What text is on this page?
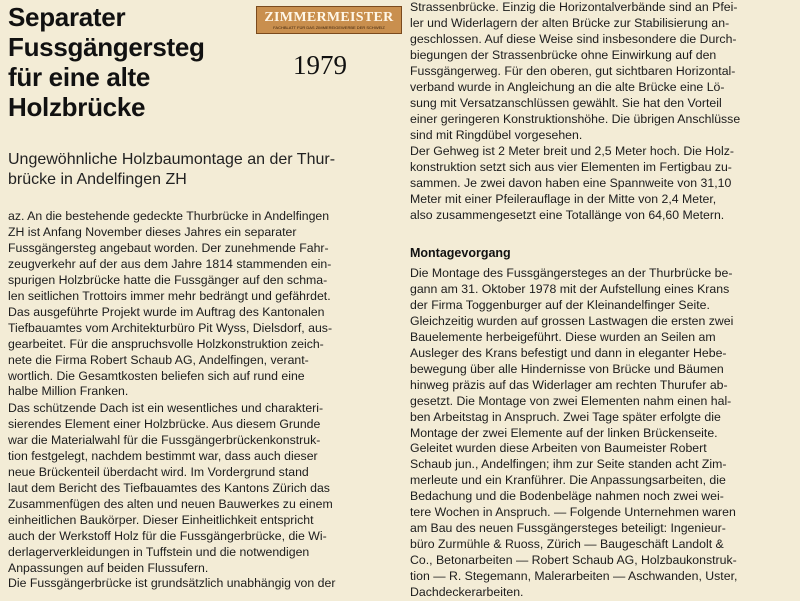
Separater
Fussgängersteg
für eine alte
Holzbrücke
ZIMMERMEISTER
FACHBLATT FÜR DAS ZIMMEREIGEWERBE DER SCHWEIZ
1979
Ungewöhnliche Holzbaumontage an der Thur-
brücke in Andelfingen ZH
az. An die bestehende gedeckte Thurbrücke in Andelfingen
ZH ist Anfang November dieses Jahres ein separater
Fussgängersteg angebaut worden. Der zunehmende Fahr-
zeugverkehr auf der aus dem Jahre 1814 stammenden ein-
spurigen Holzbrücke hatte die Fussgänger auf den schma-
len seitlichen Trottoirs immer mehr bedrängt und gefährdet.
Das ausgeführte Projekt wurde im Auftrag des Kantonalen
Tiefbauamtes vom Architekturbüro Pit Wyss, Dielsdorf, aus-
gearbeitet. Für die anspruchsvolle Holzkonstruktion zeich-
nete die Firma Robert Schaub AG, Andelfingen, verant-
wortlich. Die Gesamtkosten beliefen sich auf rund eine
halbe Million Franken.
Das schützende Dach ist ein wesentliches und charakteri-
sierendes Element einer Holzbrücke. Aus diesem Grunde
war die Materialwahl für die Fussgängerbrückenkonstruk-
tion festgelegt, nachdem bestimmt war, dass auch dieser
neue Brückenteil überdacht wird. Im Vordergrund stand
laut dem Bericht des Tiefbauamtes des Kantons Zürich das
Zusammenfügen des alten und neuen Bauwerkes zu einem
einheitlichen Baukörper. Dieser Einheitlichkeit entspricht
auch der Werkstoff Holz für die Fussgängerbrücke, die Wi-
derlagerverkleidungen in Tuffstein und die notwendigen
Anpassungen auf beiden Flussufern.
Die Fussgängerbrücke ist grundsätzlich unabhängig von der
Strassenbrücke. Einzig die Horizontalverbände sind an Pfei-
ler und Widerlagern der alten Brücke zur Stabilisierung an-
geschlossen. Auf diese Weise sind insbesondere die Durch-
biegungen der Strassenbrücke ohne Einwirkung auf den
Fussgängerweg. Für den oberen, gut sichtbaren Horizontal-
verband wurde in Angleichung an die alte Brücke eine Lö-
sung mit Versatzanschlüssen gewählt. Sie hat den Vorteil
einer geringeren Konstruktionshöhe. Die übrigen Anschlüsse
sind mit Ringdübel vorgesehen.
Der Gehweg ist 2 Meter breit und 2,5 Meter hoch. Die Holz-
konstruktion setzt sich aus vier Elementen im Fertigbau zu-
sammen. Je zwei davon haben eine Spannweite von 31,10
Meter mit einer Pfeilerauflage in der Mitte von 2,4 Meter,
also zusammengesetzt eine Totallänge von 64,60 Metern.
Montagevorgang
Die Montage des Fussgängersteges an der Thurbrücke be-
gann am 31. Oktober 1978 mit der Aufstellung eines Krans
der Firma Toggenburger auf der Kleinandelfinger Seite.
Gleichzeitig wurden auf grossen Lastwagen die ersten zwei
Bauelemente herbeigeführt. Diese wurden an Seilen am
Ausleger des Krans befestigt und dann in eleganter Hebe-
bewegung über alle Hindernisse von Brücke und Bäumen
hinweg präzis auf das Widerlager am rechten Thurufer ab-
gesetzt. Die Montage von zwei Elementen nahm einen hal-
ben Arbeitstag in Anspruch. Zwei Tage später erfolgte die
Montage der zwei Elemente auf der linken Brückenseite.
Geleitet wurden diese Arbeiten von Baumeister Robert
Schaub jun., Andelfingen; ihm zur Seite standen acht Zim-
merleute und ein Kranführer. Die Anpassungsarbeiten, die
Bedachung und die Bodenbeläge nahmen noch zwei wei-
tere Wochen in Anspruch. — Folgende Unternehmen waren
am Bau des neuen Fussgängersteges beteiligt: Ingenieur-
büro Zurmühle & Ruoss, Zürich — Baugeschäft Landolt &
Co., Betonarbeiten — Robert Schaub AG, Holzbaukonstruk-
tion — R. Stegemann, Malerarbeiten — Aschwanden, Uster,
Dachdeckerarbeiten.
